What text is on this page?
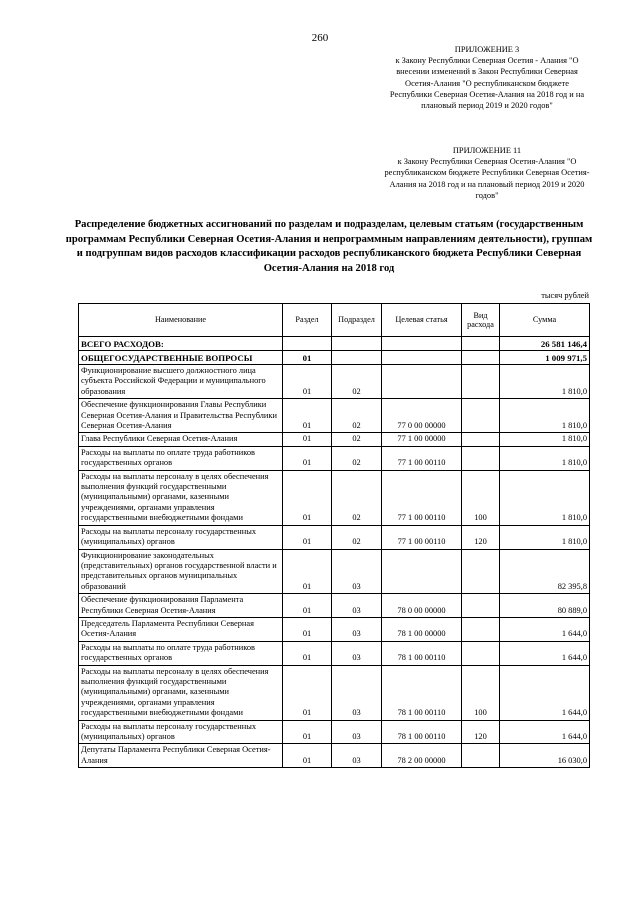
260
ПРИЛОЖЕНИЕ 3
к Закону Республики Северная Осетия - Алания "О внесении изменений в Закон Республики Северная Осетия-Алания "О республиканском бюджете Республики Северная Осетия-Алания на 2018 год и на плановый период 2019 и 2020 годов"
ПРИЛОЖЕНИЕ 11
к Закону Республики Северная Осетия-Алания "О республиканском бюджете Республики Северная Осетия-Алания на 2018 год и на плановый период 2019 и 2020 годов"
Распределение бюджетных ассигнований по разделам и подразделам, целевым статьям (государственным программам Республики Северная Осетия-Алания и непрограммным направлениям деятельности), группам и подгруппам видов расходов классификации расходов республиканского бюджета Республики Северная Осетия-Алания на 2018 год
тысяч рублей
Наименование	Раздел	Подраздел	Целевая статья	Вид расхода	Сумма
ВСЕГО РАСХОДОВ:					26 581 146,4
ОБЩЕГОСУДАРСТВЕННЫЕ ВОПРОСЫ	01				1 009 971,5
Функционирование высшего должностного лица субъекта Российской Федерации и муниципального образования	01	02			1 810,0
Обеспечение функционирования Главы Республики Северная Осетия-Алания и Правительства Республики Северная Осетия-Алания	01	02	77 0 00 00000		1 810,0
Глава Республики Северная Осетия-Алания	01	02	77 1 00 00000		1 810,0
Расходы на выплаты по оплате труда работников государственных органов	01	02	77 1 00 00110		1 810,0
Расходы на выплаты персоналу в целях обеспечения выполнения функций государственными (муниципальными) органами, казенными учреждениями, органами управления государственными внебюджетными фондами	01	02	77 1 00 00110	100	1 810,0
Расходы на выплаты персоналу государственных (муниципальных) органов	01	02	77 1 00 00110	120	1 810,0
Функционирование законодательных (представительных) органов государственной власти и представительных органов муниципальных образований	01	03			82 395,8
Обеспечение функционирования Парламента Республики Северная Осетия-Алания	01	03	78 0 00 00000		80 889,0
Председатель Парламента Республики Северная Осетия-Алания	01	03	78 1 00 00000		1 644,0
Расходы на выплаты по оплате труда работников государственных органов	01	03	78 1 00 00110		1 644,0
Расходы на выплаты персоналу в целях обеспечения выполнения функций государственными (муниципальными) органами, казенными учреждениями, органами управления государственными внебюджетными фондами	01	03	78 1 00 00110	100	1 644,0
Расходы на выплаты персоналу государственных (муниципальных) органов	01	03	78 1 00 00110	120	1 644,0
Депутаты Парламента Республики Северная Осетия-Алания	01	03	78 2 00 00000		16 030,0
